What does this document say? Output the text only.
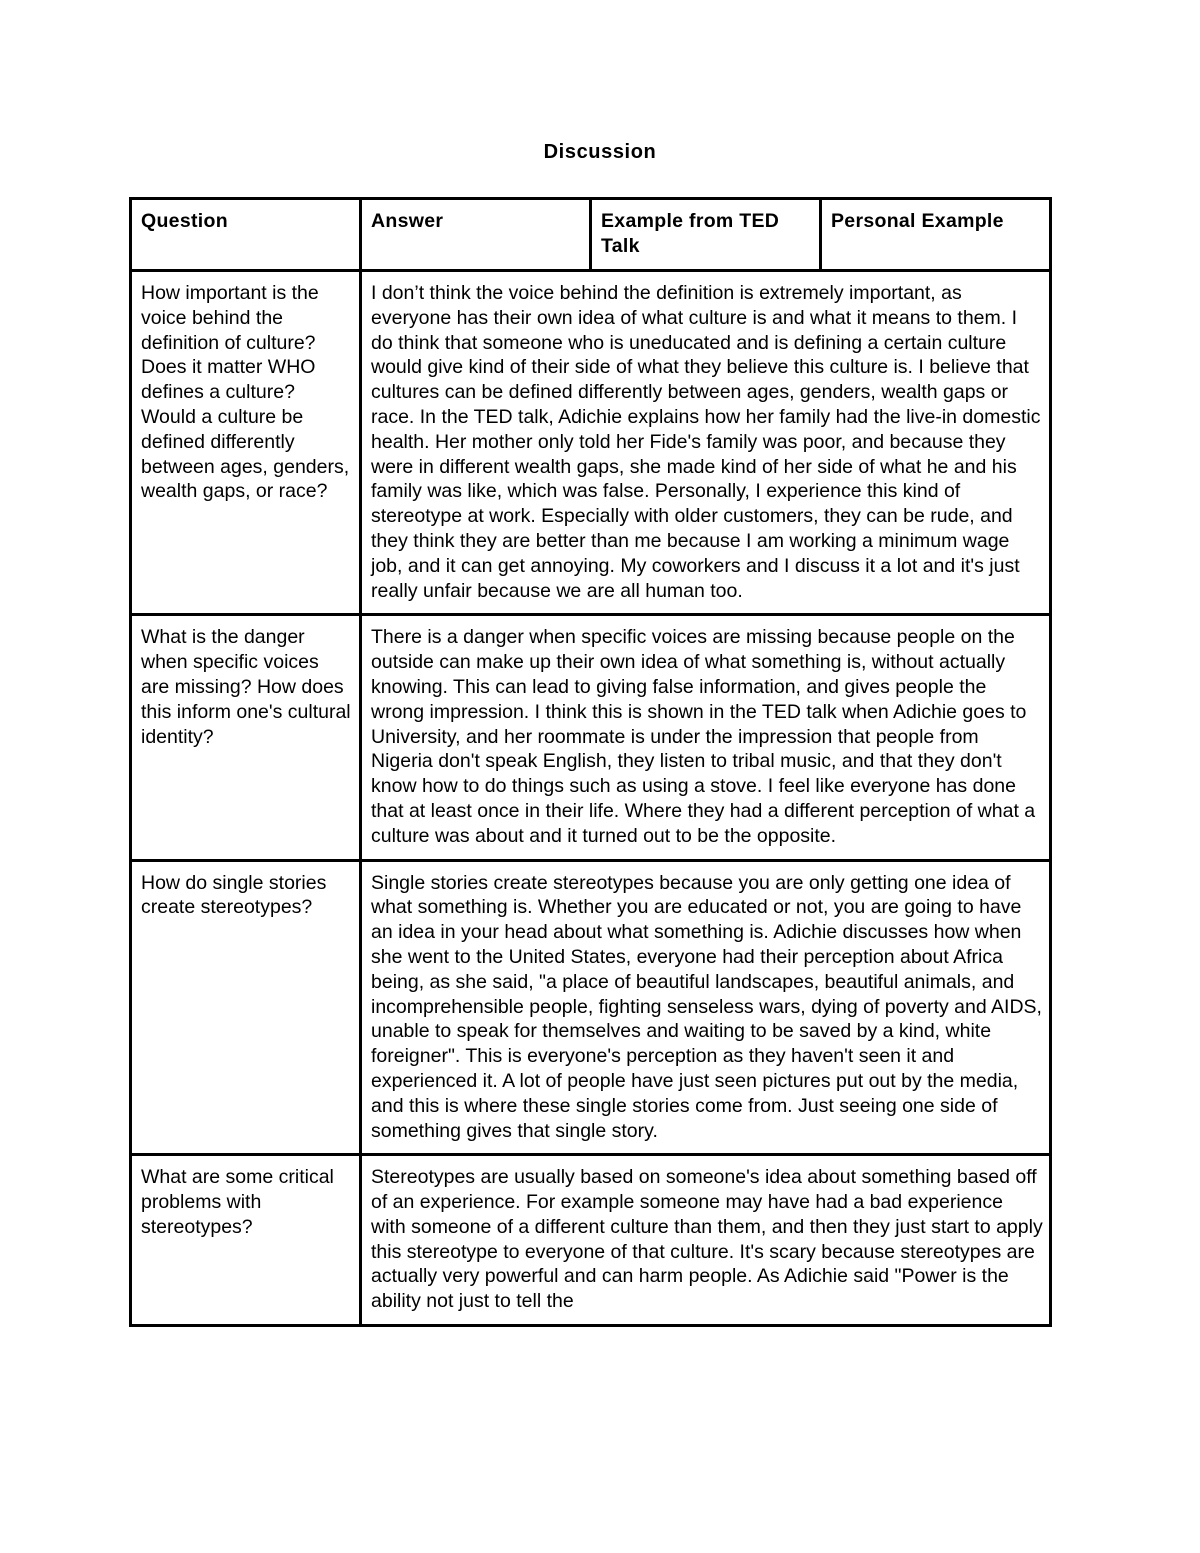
Discussion
Question	Answer	Example from TED Talk	Personal Example
How important is the voice behind the definition of culture? Does it matter WHO defines a culture? Would a culture be defined differently between ages, genders, wealth gaps, or race?	I don’t think the voice behind the definition is extremely important, as everyone has their own idea of what culture is and what it means to them. I do think that someone who is uneducated and is defining a certain culture would give kind of their side of what they believe this culture is. I believe that cultures can be defined differently between ages, genders, wealth gaps or race. In the TED talk, Adichie explains how her family had the live-in domestic health. Her mother only told her Fide's family was poor, and because they were in different wealth gaps, she made kind of her side of what he and his family was like, which was false. Personally, I experience this kind of stereotype at work. Especially with older customers, they can be rude, and they think they are better than me because I am working a minimum wage job, and it can get annoying. My coworkers and I discuss it a lot and it's just really unfair because we are all human too.		
What is the danger when specific voices are missing? How does this inform one's cultural identity?	There is a danger when specific voices are missing because people on the outside can make up their own idea of what something is, without actually knowing. This can lead to giving false information, and gives people the wrong impression. I think this is shown in the TED talk when Adichie goes to University, and her roommate is under the impression that people from Nigeria don't speak English, they listen to tribal music, and that they don't know how to do things such as using a stove. I feel like everyone has done that at least once in their life. Where they had a different perception of what a culture was about and it turned out to be the opposite.		
How do single stories create stereotypes?	Single stories create stereotypes because you are only getting one idea of what something is. Whether you are educated or not, you are going to have an idea in your head about what something is. Adichie discusses how when she went to the United States, everyone had their perception about Africa being, as she said, "a place of beautiful landscapes, beautiful animals, and incomprehensible people, fighting senseless wars, dying of poverty and AIDS, unable to speak for themselves and waiting to be saved by a kind, white foreigner". This is everyone's perception as they haven't seen it and experienced it. A lot of people have just seen pictures put out by the media, and this is where these single stories come from. Just seeing one side of something gives that single story.		
What are some critical problems with stereotypes?	Stereotypes are usually based on someone's idea about something based off of an experience. For example someone may have had a bad experience with someone of a different culture than them, and then they just start to apply this stereotype to everyone of that culture. It's scary because stereotypes are actually very powerful and can harm people. As Adichie said "Power is the ability not just to tell the		
